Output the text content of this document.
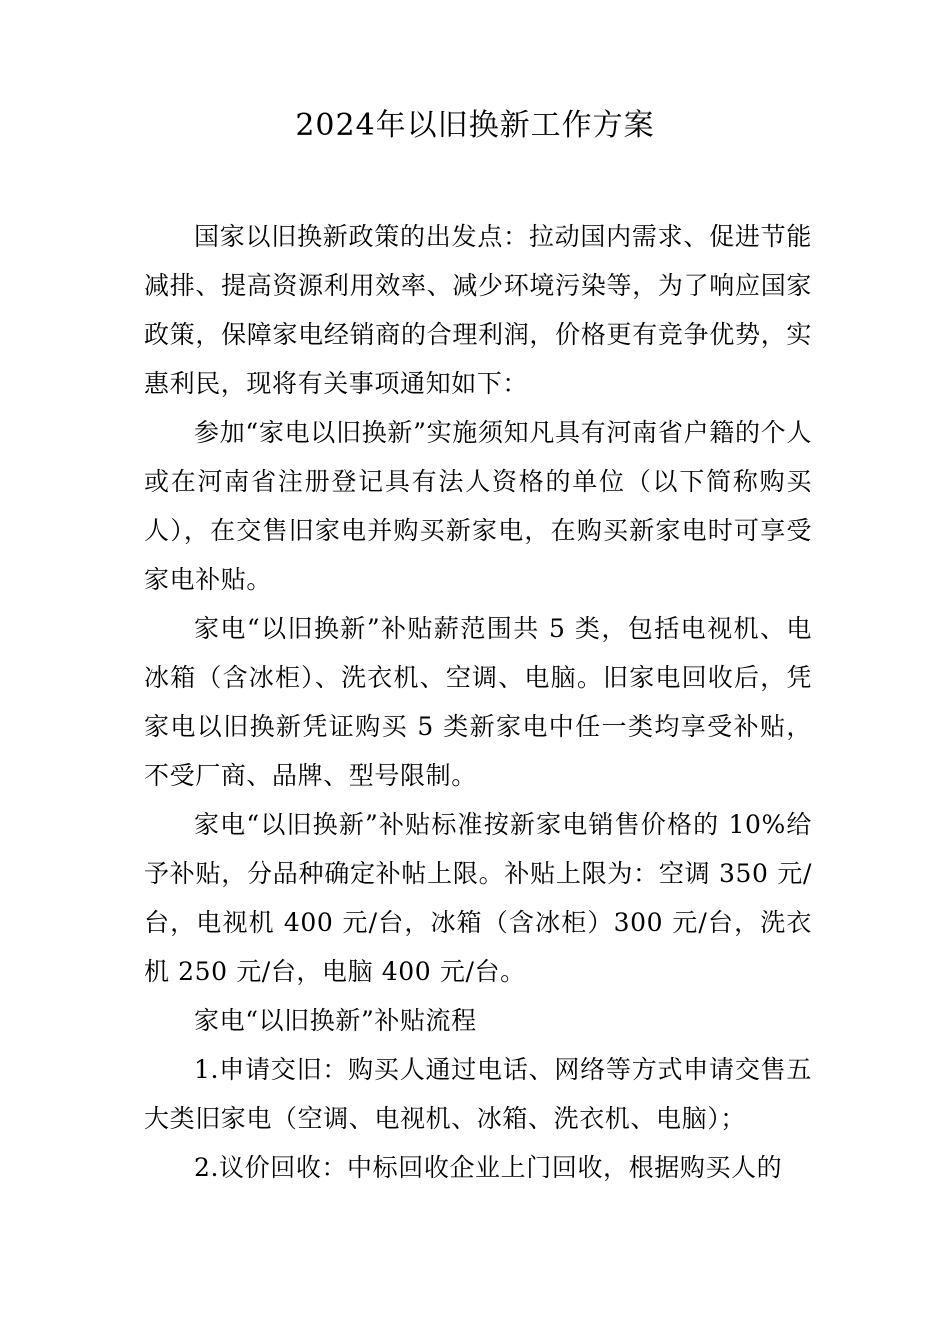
2024年以旧换新工作方案

国家以旧换新政策的出发点：拉动国内需求、促进节能减排、提高资源利用效率、减少环境污染等，为了响应国家政策，保障家电经销商的合理利润，价格更有竞争优势，实惠利民，现将有关事项通知如下：

参加“家电以旧换新”实施须知凡具有河南省户籍的个人或在河南省注册登记具有法人资格的单位（以下简称购买人），在交售旧家电并购买新家电，在购买新家电时可享受家电补贴。

家电“以旧换新”补贴薪范围共 5 类，包括电视机、电冰箱（含冰柜）、洗衣机、空调、电脑。旧家电回收后，凭家电以旧换新凭证购买 5 类新家电中任一类均享受补贴，不受厂商、品牌、型号限制。

家电“以旧换新”补贴标准按新家电销售价格的 10%给予补贴，分品种确定补帖上限。补贴上限为：空调 350 元/台，电视机 400 元/台，冰箱（含冰柜）300 元/台，洗衣机 250 元/台，电脑 400 元/台。

家电“以旧换新”补贴流程

1.申请交旧：购买人通过电话、网络等方式申请交售五大类旧家电（空调、电视机、冰箱、洗衣机、电脑）；

2.议价回收：中标回收企业上门回收，根据购买人的
